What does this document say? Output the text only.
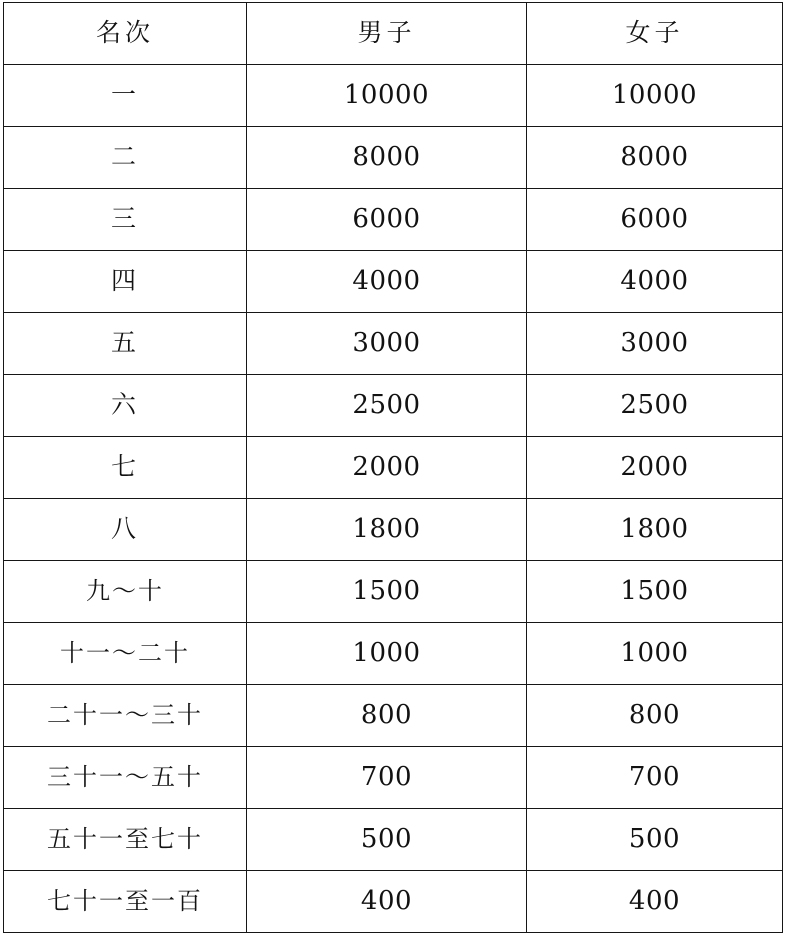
名次	男子	女子
一	10000	10000
二	8000	8000
三	6000	6000
四	4000	4000
五	3000	3000
六	2500	2500
七	2000	2000
八	1800	1800
九〜十	1500	1500
十一〜二十	1000	1000
二十一〜三十	800	800
三十一〜五十	700	700
五十一至七十	500	500
七十一至一百	400	400
